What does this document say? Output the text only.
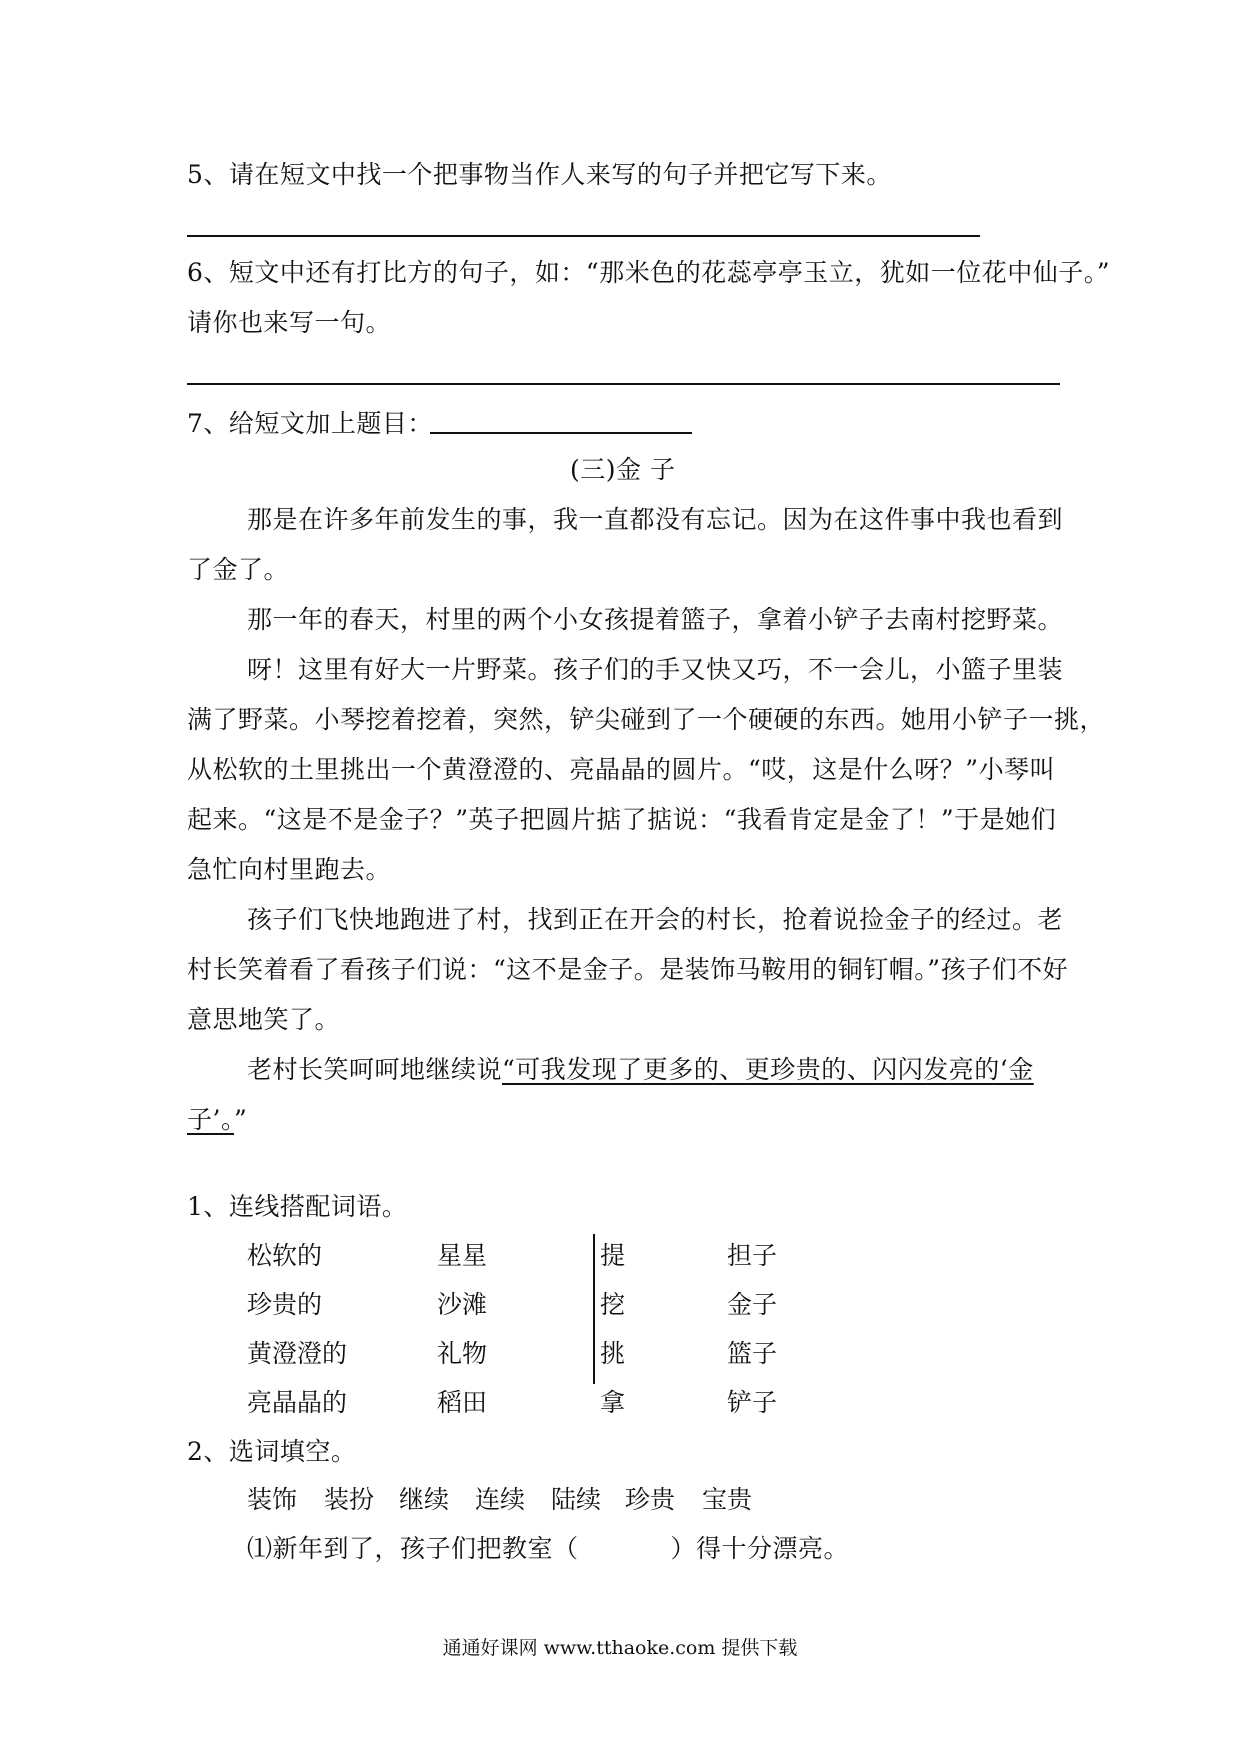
5、请在短文中找一个把事物当作人来写的句子并把它写下来。
6、短文中还有打比方的句子，如：“那米色的花蕊亭亭玉立，犹如一位花中仙子。”
请你也来写一句。
7、给短文加上题目：
(三)金 子
那是在许多年前发生的事，我一直都没有忘记。因为在这件事中我也看到
了金了。
那一年的春天，村里的两个小女孩提着篮子，拿着小铲子去南村挖野菜。
呀！这里有好大一片野菜。孩子们的手又快又巧，不一会儿，小篮子里装
满了野菜。小琴挖着挖着，突然，铲尖碰到了一个硬硬的东西。她用小铲子一挑，
从松软的土里挑出一个黄澄澄的、亮晶晶的圆片。“哎，这是什么呀？”小琴叫
起来。“这是不是金子？”英子把圆片掂了掂说：“我看肯定是金了！”于是她们
急忙向村里跑去。
孩子们飞快地跑进了村，找到正在开会的村长，抢着说捡金子的经过。老
村长笑着看了看孩子们说：“这不是金子。是装饰马鞍用的铜钉帽。”孩子们不好
意思地笑了。
老村长笑呵呵地继续说“可我发现了更多的、更珍贵的、闪闪发亮的‘金
子’。”
1、连线搭配词语。
松软的
珍贵的
黄澄澄的
亮晶晶的
星星
沙滩
礼物
稻田
提
挖
挑
拿
担子
金子
篮子
铲子
2、选词填空。
装饰 装扮 继续 连续 陆续 珍贵 宝贵
⑴新年到了，孩子们把教室（	）得十分漂亮。
通通好课网 www.tthaoke.com 提供下载
